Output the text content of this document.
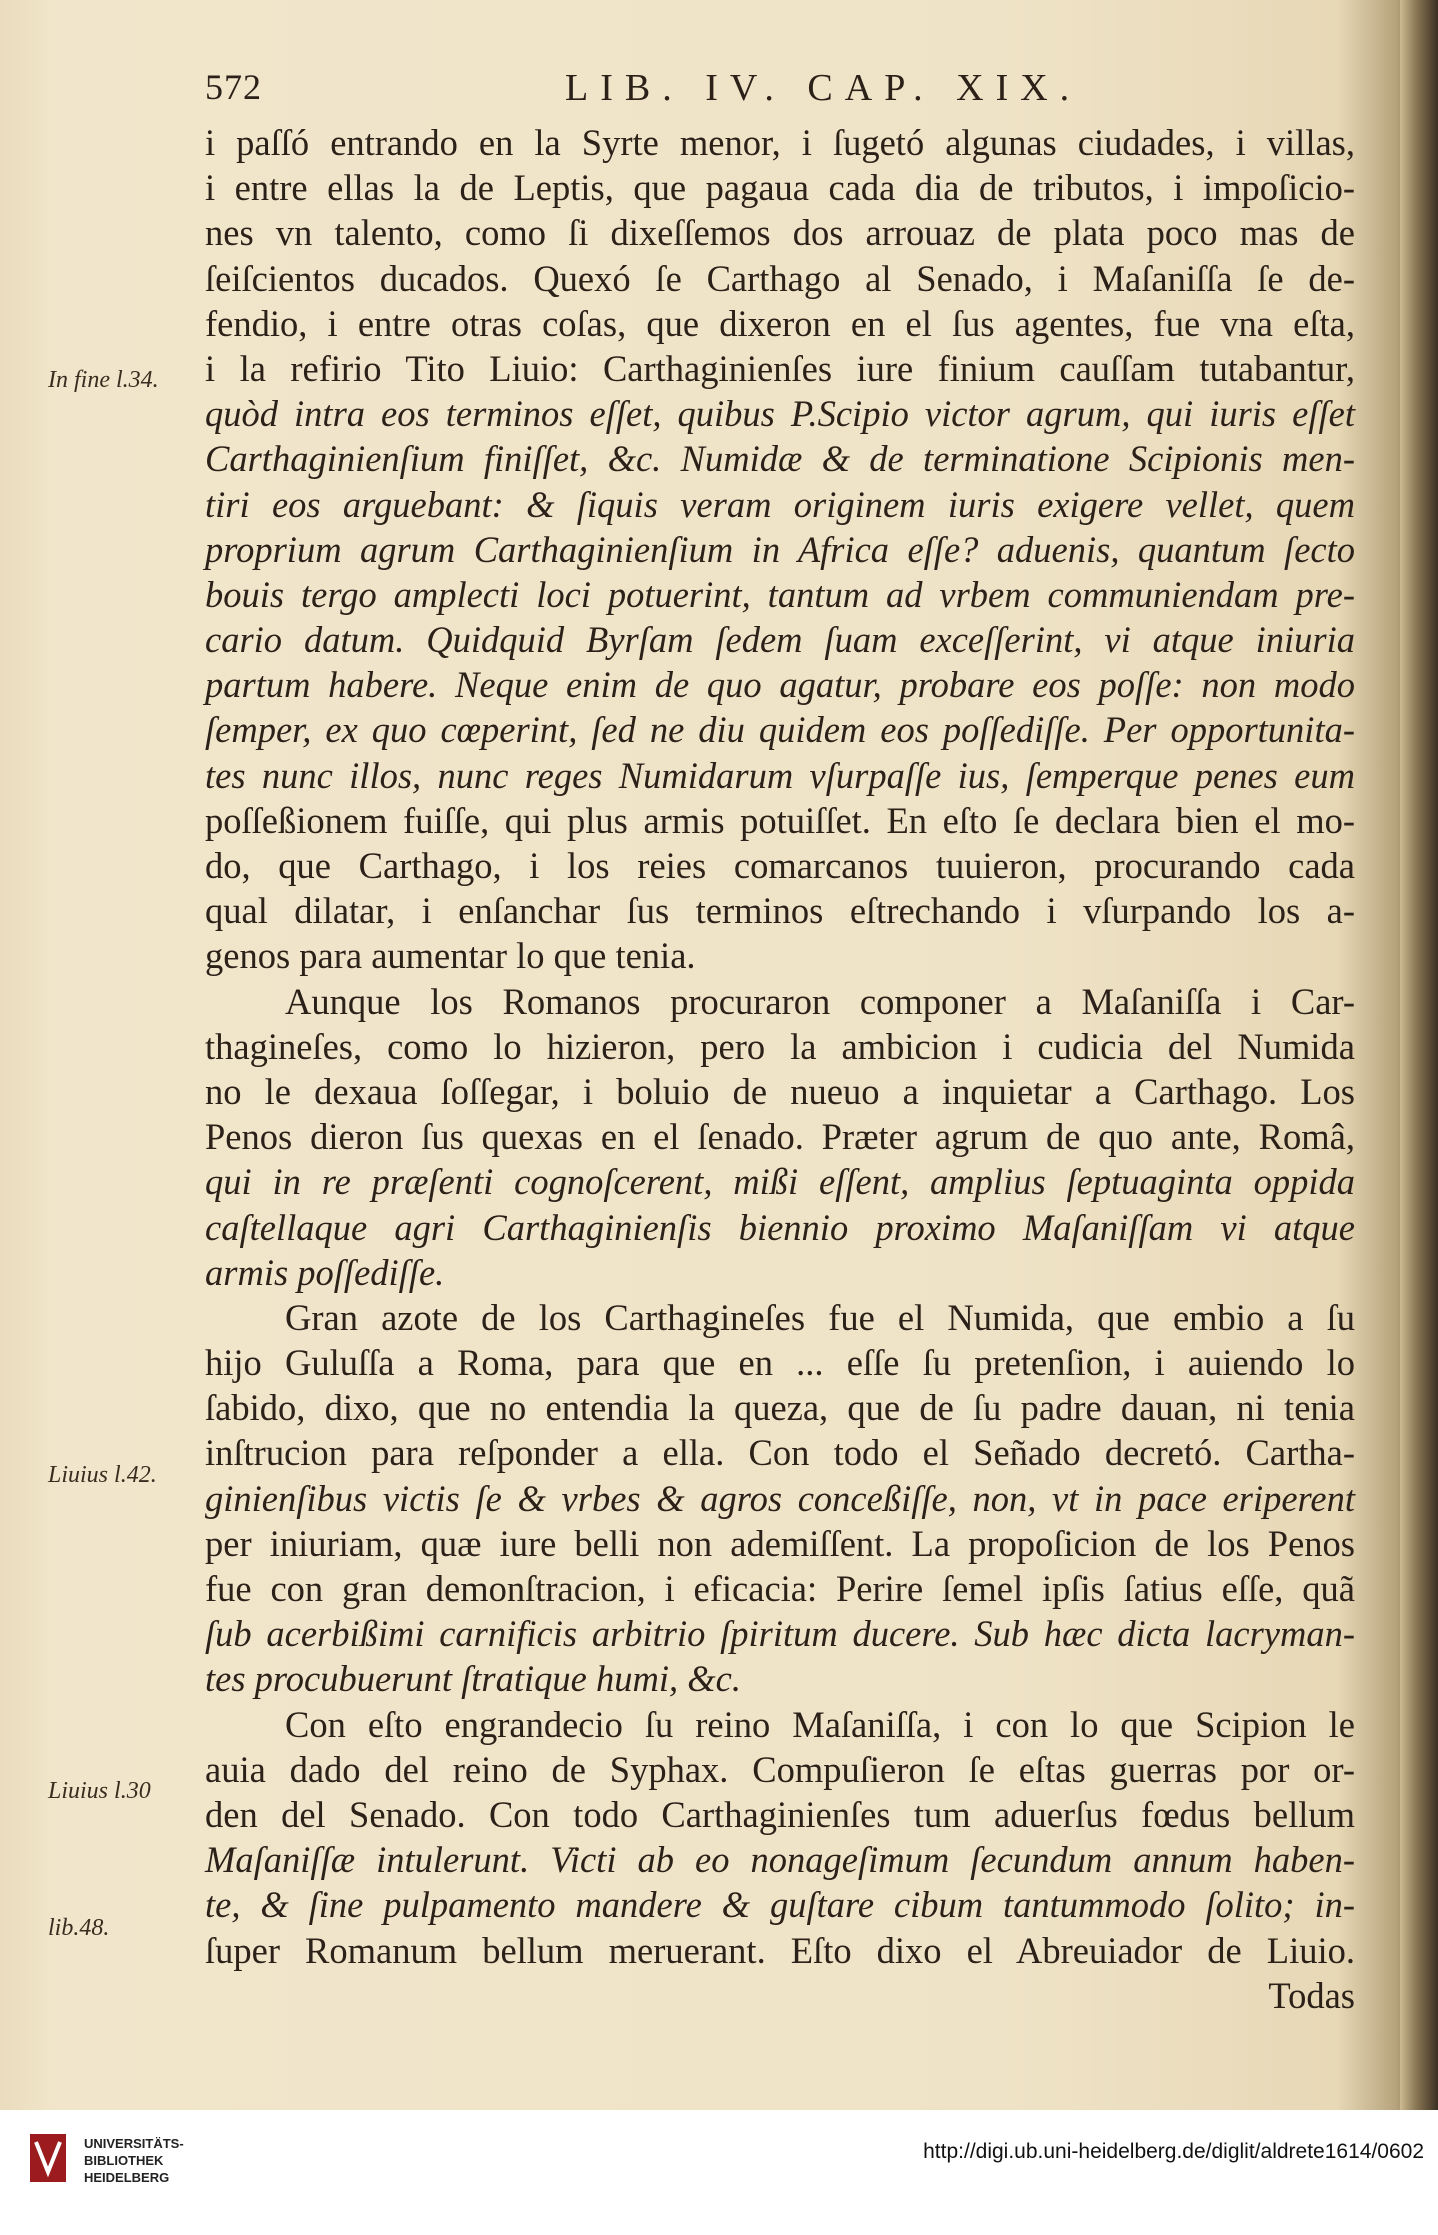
572	LIB. IV. CAP. XIX.
i paſſó entrando en la Syrte menor, i ſugetó algunas ciudades, i villas,
i entre ellas la de Leptis, que pagaua cada dia de tributos, i impoſicio-
nes vn talento, como ſi dixeſſemos dos arrouaz de plata poco mas de
ſeiſcientos ducados. Quexó ſe Carthago al Senado, i Maſaniſſa ſe de-
fendio, i entre otras coſas, que dixeron en el ſus agentes, fue vna eſta,
i la refirio Tito Liuio: Carthaginienſes iure finium cauſſam tutabantur,
quòd intra eos terminos eſſet, quibus P.Scipio victor agrum, qui iuris eſſet
Carthaginienſium finiſſet, &c. Numidæ & de terminatione Scipionis men-
tiri eos arguebant: & ſiquis veram originem iuris exigere vellet, quem
proprium agrum Carthaginienſium in Africa eſſe? aduenis, quantum ſecto
bouis tergo amplecti loci potuerint, tantum ad vrbem communiendam pre-
cario datum. Quidquid Byrſam ſedem ſuam exceſſerint, vi atque iniuria
partum habere. Neque enim de quo agatur, probare eos poſſe: non modo
ſemper, ex quo cœperint, ſed ne diu quidem eos poſſediſſe. Per opportunita-
tes nunc illos, nunc reges Numidarum vſurpaſſe ius, ſemperque penes eum
poſſeßionem fuiſſe, qui plus armis potuiſſet. En eſto ſe declara bien el mo-
do, que Carthago, i los reies comarcanos tuuieron, procurando cada
qual dilatar, i enſanchar ſus terminos eſtrechando i vſurpando los a-
genos para aumentar lo que tenia.
Aunque los Romanos procuraron componer a Maſaniſſa i Car-
thagineſes, como lo hizieron, pero la ambicion i cudicia del Numida
no le dexaua ſoſſegar, i boluio de nueuo a inquietar a Carthago. Los
Penos dieron ſus quexas en el ſenado. Præter agrum de quo ante, Româ,
qui in re præſenti cognoſcerent, mißi eſſent, amplius ſeptuaginta oppida
caſtellaque agri Carthaginienſis biennio proximo Maſaniſſam vi atque
armis poſſediſſe.
Gran azote de los Carthagineſes fue el Numida, que embio a ſu
hijo Guluſſa a Roma, para que en ... eſſe ſu pretenſion, i auiendo lo
ſabido, dixo, que no entendia la queza, que de ſu padre dauan, ni tenia
inſtrucion para reſponder a ella. Con todo el Señado decretó. Cartha-
ginienſibus victis ſe & vrbes & agros conceßiſſe, non, vt in pace eriperent
per iniuriam, quæ iure belli non ademiſſent. La propoſicion de los Penos
fue con gran demonſtracion, i eficacia: Perire ſemel ipſis ſatius eſſe, quã
ſub acerbißimi carnificis arbitrio ſpiritum ducere. Sub hæc dicta lacryman-
tes procubuerunt ſtratique humi, &c.
Con eſto engrandecio ſu reino Maſaniſſa, i con lo que Scipion le
auia dado del reino de Syphax. Compuſieron ſe eſtas guerras por or-
den del Senado. Con todo Carthaginienſes tum aduerſus fœdus bellum
Maſaniſſæ intulerunt. Victi ab eo nonageſimum ſecundum annum haben-
te, & ſine pulpamento mandere & guſtare cibum tantummodo ſolito; in-
ſuper Romanum bellum meruerant. Eſto dixo el Abreuiador de Liuio.
Todas
In fine l.34.
Liuius l.42.
Liuius l.30
lib.48.
UNIVERSITÄTS-
BIBLIOTHEK
HEIDELBERG
http://digi.ub.uni-heidelberg.de/diglit/aldrete1614/0602
